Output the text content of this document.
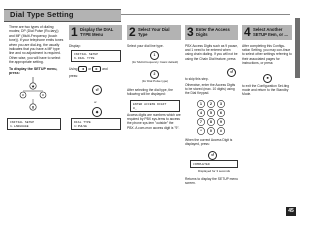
Dial Type Setting

There are two types of dialing modes; DP (Dial Pulse (Ro-tary)) and MF (Multi-Frequency (touch tone)). If your telephone emits tones when you are dial-ing, the usually indicates that you have a MF type line and no adjustment is required. Other-wise, you will have to select the appropriate setting.

To display the SETUP menu, press:

★
#	#
8
INITIAL SETUP
1.LANGUAGE
1 Display the DIAL
TYPE Menu	2 Select Your Dial
Type	3 Enter the Access
Digits	4 Select Another
SETUP Item, or ...

Display:

INITIAL SETUP
6.DIAL TYPE
Using ◄ or ► and
press:
⏎
or
◆
DIAL TYPE
1:PULSE

Select your dial line type.

1
(for Multi-Frequency: basic default)
2
(for Dial Pulse type)
After selecting the dial type, the following will be displayed:
ENTER ACCESS DIGIT
0_
Access digits are numbers which are required by PBX sys-tems to access the phone sys-tem "outside" the PBX. A com-mon access digit is "9".

PBX Access Digits such as 9 pause, and 1 need to be entered when using chain dialing. If you will not be using the Chain Dial feature, press

⏎
to skip this step.
Otherwise, enter the Access Digits to be stored (max. 10 digits) using the Dial Keypad.
1 2 3
4 5 6
7 8 9
* 0 #
When the correct Access Digit is displayed, press:
⏎
COMPLETED
Displayed for 3 seconds
Returns to display the SETUP menu screen.

After completing this Configu-ration Setting, you may con-tinue to select other settings referring to their associated pages for instructions, or press:

■
to exit the Configuration Set-ting mode and return to the Standby Mode.
45
